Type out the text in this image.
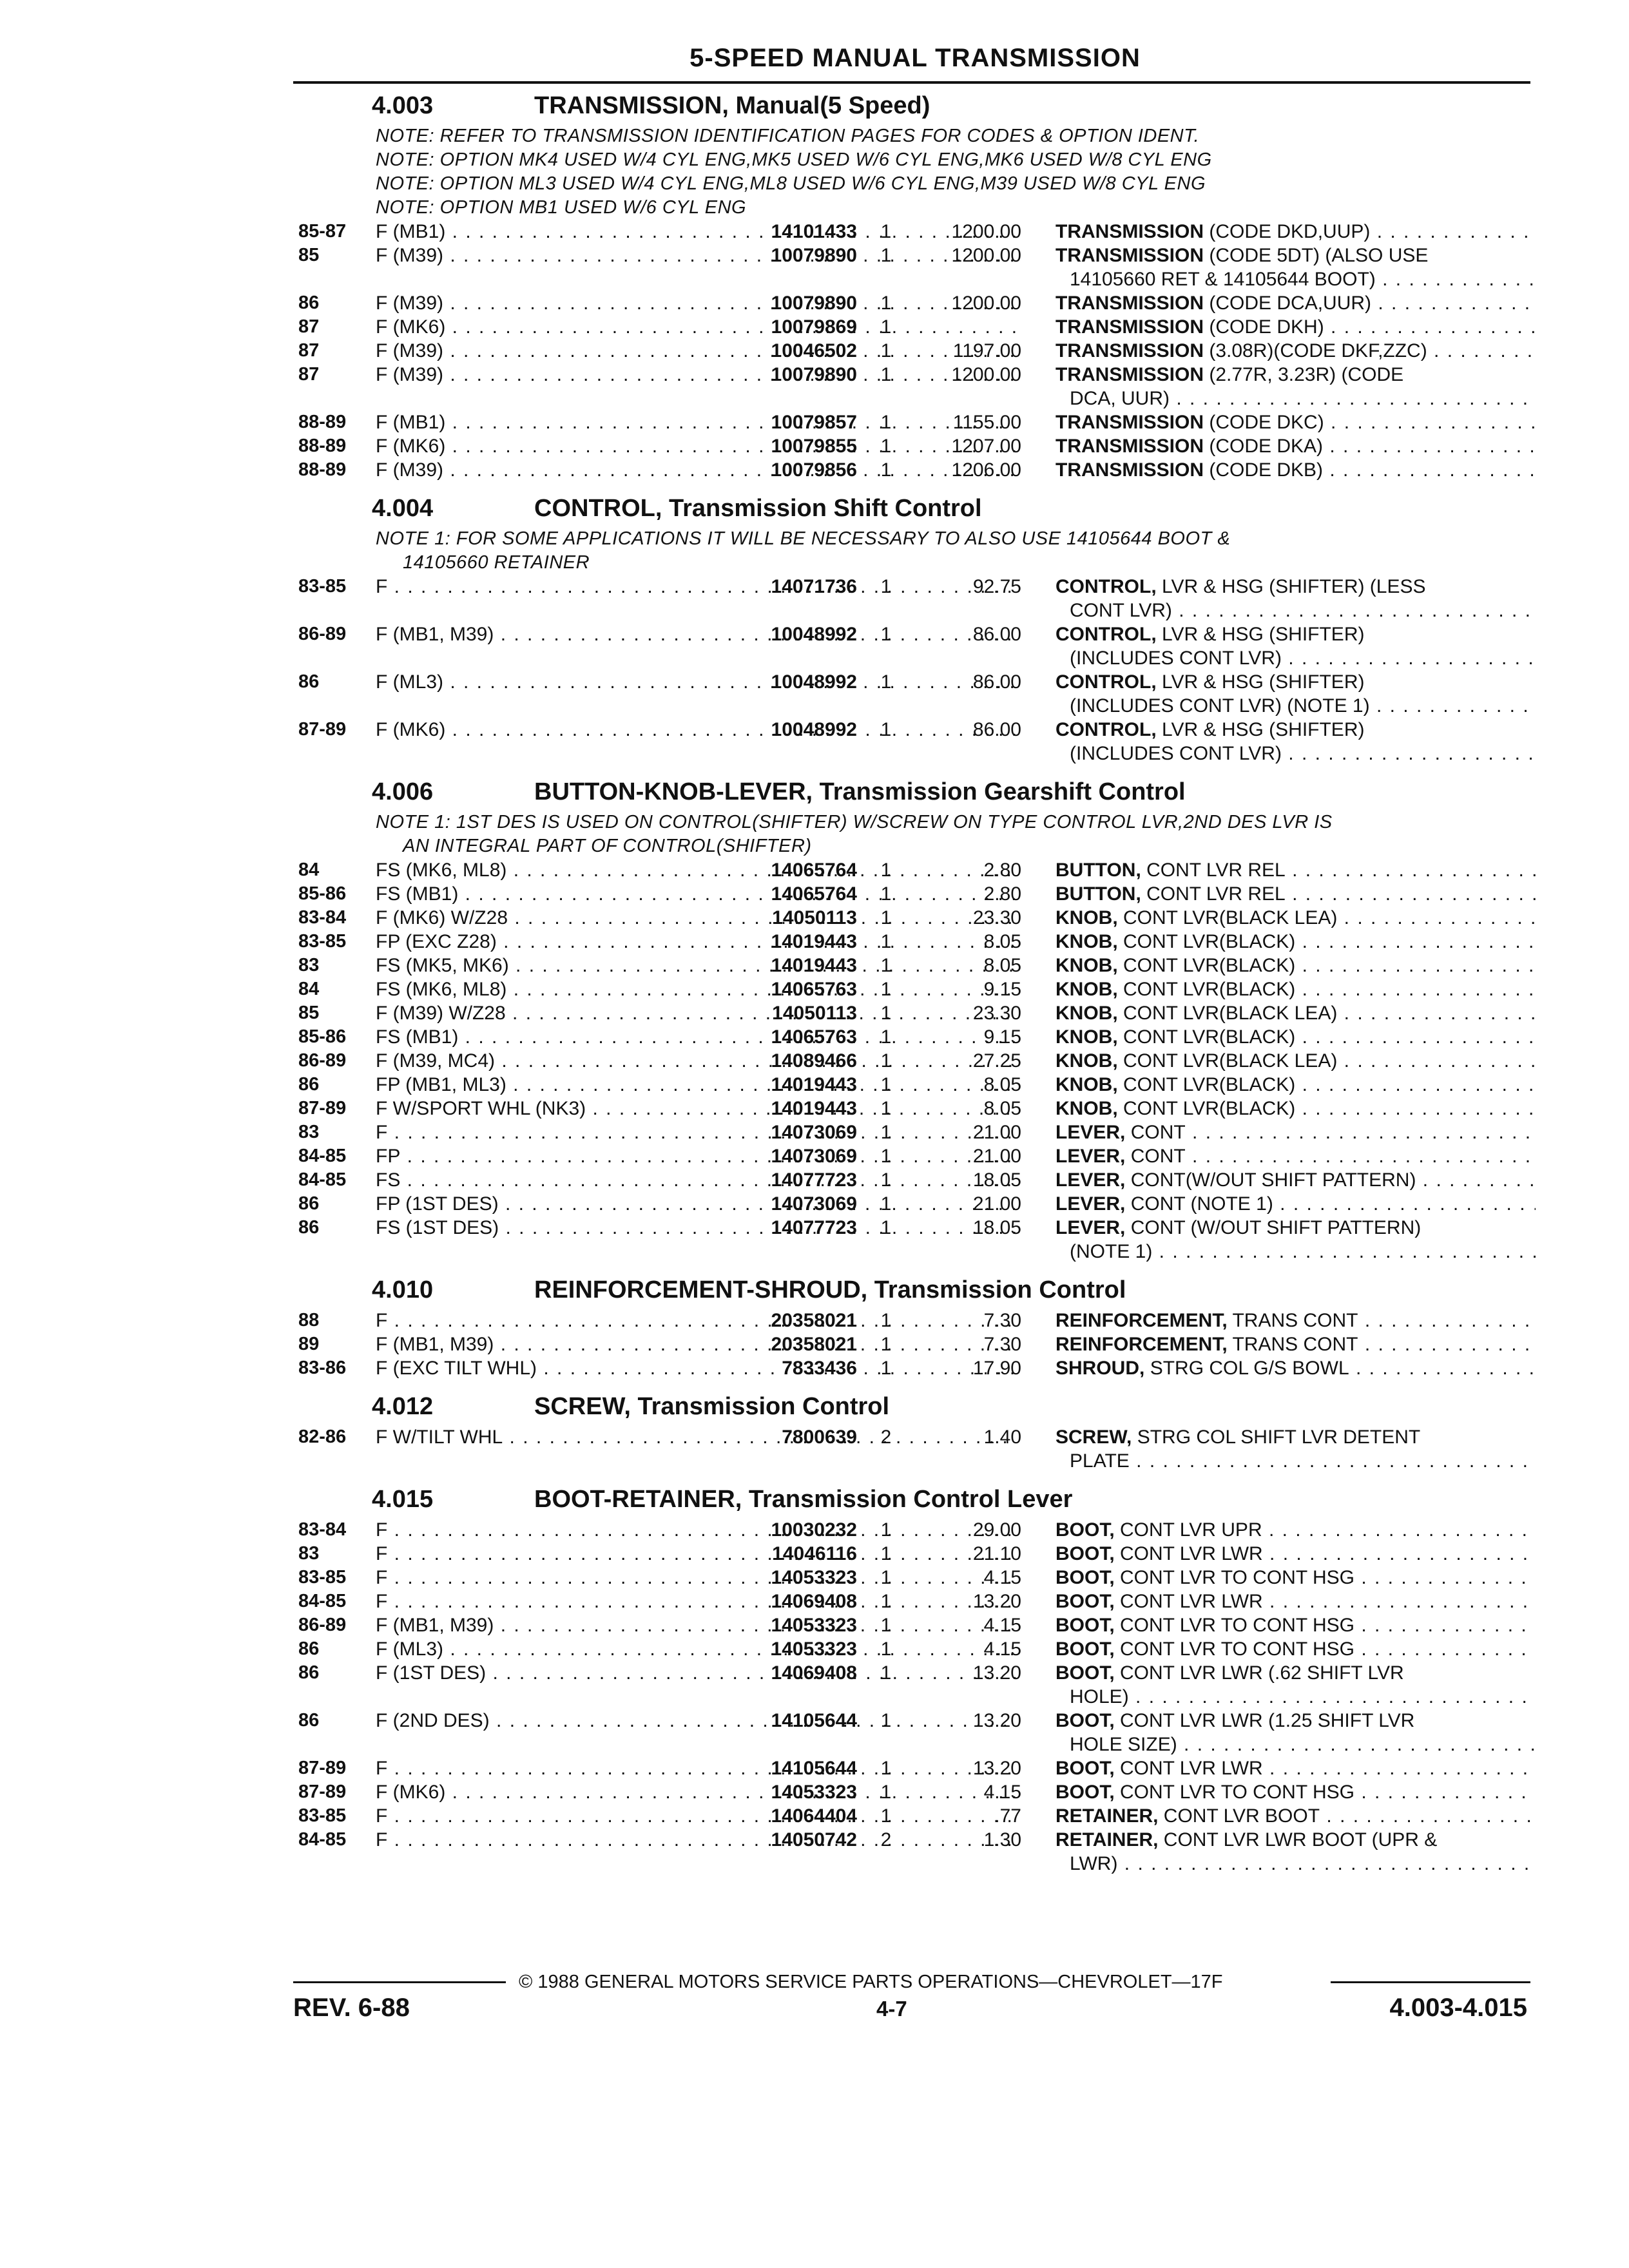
5-SPEED MANUAL TRANSMISSION
4.003	TRANSMISSION, Manual(5 Speed)
NOTE: REFER TO TRANSMISSION IDENTIFICATION PAGES FOR CODES & OPTION IDENT.
NOTE: OPTION MK4 USED W/4 CYL ENG,MK5 USED W/6 CYL ENG,MK6 USED W/8 CYL ENG
NOTE: OPTION ML3 USED W/4 CYL ENG,ML8 USED W/6 CYL ENG,M39 USED W/8 CYL ENG
NOTE: OPTION MB1 USED W/6 CYL ENG
85-87 F (MB1) . . .	14101433 1	1200.00 TRANSMISSION (CODE DKD,UUP) . . .
85	F (M39) . . .	10079890 1	1200.00 TRANSMISSION (CODE 5DT) (ALSO USE
14105660 RET & 14105644 BOOT) . . .
86	F (M39) . . .	10079890 1	1200.00 TRANSMISSION (CODE DCA,UUR) . . .
87	F (MK6) . . .	10079869 1	TRANSMISSION (CODE DKH) . . .
87	F (M39) . . .	10046502 1	1197.00 TRANSMISSION (3.08R)(CODE DKF,ZZC) . . .
87	F (M39) . . .	10079890 1	1200.00 TRANSMISSION (2.77R, 3.23R) (CODE
DCA, UUR) . . .
88-89 F (MB1) . . .	10079857 1	1155.00 TRANSMISSION (CODE DKC) . . .
88-89 F (MK6) . . .	10079855 1	1207.00 TRANSMISSION (CODE DKA) . . .
88-89 F (M39) . . .	10079856 1	1206.00 TRANSMISSION (CODE DKB) . . .
4.004	CONTROL, Transmission Shift Control
NOTE 1: FOR SOME APPLICATIONS IT WILL BE NECESSARY TO ALSO USE 14105644 BOOT &
14105660 RETAINER
83-85 F . . .	14071736 1	92.75 CONTROL, LVR & HSG (SHIFTER) (LESS
CONT LVR) . . .
86-89 F (MB1, M39) . . .	10048992 1	86.00 CONTROL, LVR & HSG (SHIFTER)
(INCLUDES CONT LVR) . . .
86	F (ML3) . . .	10048992 1	86.00 CONTROL, LVR & HSG (SHIFTER)
(INCLUDES CONT LVR) (NOTE 1) . . .
87-89 F (MK6) . . .	10048992 1	86.00 CONTROL, LVR & HSG (SHIFTER)
(INCLUDES CONT LVR) . . .
4.006	BUTTON-KNOB-LEVER, Transmission Gearshift Control
NOTE 1: 1ST DES IS USED ON CONTROL(SHIFTER) W/SCREW ON TYPE CONTROL LVR,2ND DES LVR IS
AN INTEGRAL PART OF CONTROL(SHIFTER)
84	FS (MK6, ML8) . . .	14065764 1	2.80 BUTTON, CONT LVR REL . . .
85-86 FS (MB1) . . .	14065764 1	2.80 BUTTON, CONT LVR REL . . .
83-84 F (MK6) W/Z28 . . .	14050113 1	23.30 KNOB, CONT LVR(BLACK LEA) . . .
83-85 FP (EXC Z28) . . .	14019443 1	8.05 KNOB, CONT LVR(BLACK) . . .
83	FS (MK5, MK6) . . .	14019443 1	8.05 KNOB, CONT LVR(BLACK) . . .
84	FS (MK6, ML8) . . .	14065763 1	9.15 KNOB, CONT LVR(BLACK) . . .
85	F (M39) W/Z28 . . .	14050113 1	23.30 KNOB, CONT LVR(BLACK LEA) . . .
85-86 FS (MB1) . . .	14065763 1	9.15 KNOB, CONT LVR(BLACK) . . .
86-89 F (M39, MC4) . . .	14089466 1	27.25 KNOB, CONT LVR(BLACK LEA) . . .
86	FP (MB1, ML3) . . .	14019443 1	8.05 KNOB, CONT LVR(BLACK) . . .
87-89 F W/SPORT WHL (NK3) . . .	14019443 1	8.05 KNOB, CONT LVR(BLACK) . . .
83	F . . .	14073069 1	21.00 LEVER, CONT . . .
84-85 FP . . .	14073069 1	21.00 LEVER, CONT . . .
84-85 FS . . .	14077723 1	18.05 LEVER, CONT(W/OUT SHIFT PATTERN) . . .
86	FP (1ST DES) . . .	14073069 1	21.00 LEVER, CONT (NOTE 1) . . .
86	FS (1ST DES) . . .	14077723 1	18.05 LEVER, CONT (W/OUT SHIFT PATTERN)
(NOTE 1) . . .
4.010	REINFORCEMENT-SHROUD, Transmission Control
88	F . . .	20358021 1	7.30 REINFORCEMENT, TRANS CONT . . .
89	F (MB1, M39) . . .	20358021 1	7.30 REINFORCEMENT, TRANS CONT . . .
83-86 F (EXC TILT WHL) . . .	7833436 1	17.90 SHROUD, STRG COL G/S BOWL . . .
4.012	SCREW, Transmission Control
82-86 F W/TILT WHL . . .	7800639 2	1.40 SCREW, STRG COL SHIFT LVR DETENT
PLATE . . .
4.015	BOOT-RETAINER, Transmission Control Lever
83-84 F . . .	10030232 1	29.00 BOOT, CONT LVR UPR . . .
83	F . . .	14046116 1	21.10 BOOT, CONT LVR LWR . . .
83-85 F . . .	14053323 1	4.15 BOOT, CONT LVR TO CONT HSG . . .
84-85 F . . .	14069408 1	13.20 BOOT, CONT LVR LWR . . .
86-89 F (MB1, M39) . . .	14053323 1	4.15 BOOT, CONT LVR TO CONT HSG . . .
86	F (ML3) . . .	14053323 1	4.15 BOOT, CONT LVR TO CONT HSG . . .
86	F (1ST DES) . . .	14069408 1	13.20 BOOT, CONT LVR LWR (.62 SHIFT LVR
HOLE) . . .
86	F (2ND DES) . . .	14105644 1	13.20 BOOT, CONT LVR LWR (1.25 SHIFT LVR
HOLE SIZE) . . .
87-89 F . . .	14105644 1	13.20 BOOT, CONT LVR LWR . . .
87-89 F (MK6) . . .	14053323 1	4.15 BOOT, CONT LVR TO CONT HSG . . .
83-85 F . . .	14064404 1	.77 RETAINER, CONT LVR BOOT . . .
84-85 F . . .	14050742 2	1.30 RETAINER, CONT LVR LWR BOOT (UPR &
LWR) . . .
© 1988 GENERAL MOTORS SERVICE PARTS OPERATIONS—CHEVROLET—17F
REV. 6-88	4-7	4.003-4.015
